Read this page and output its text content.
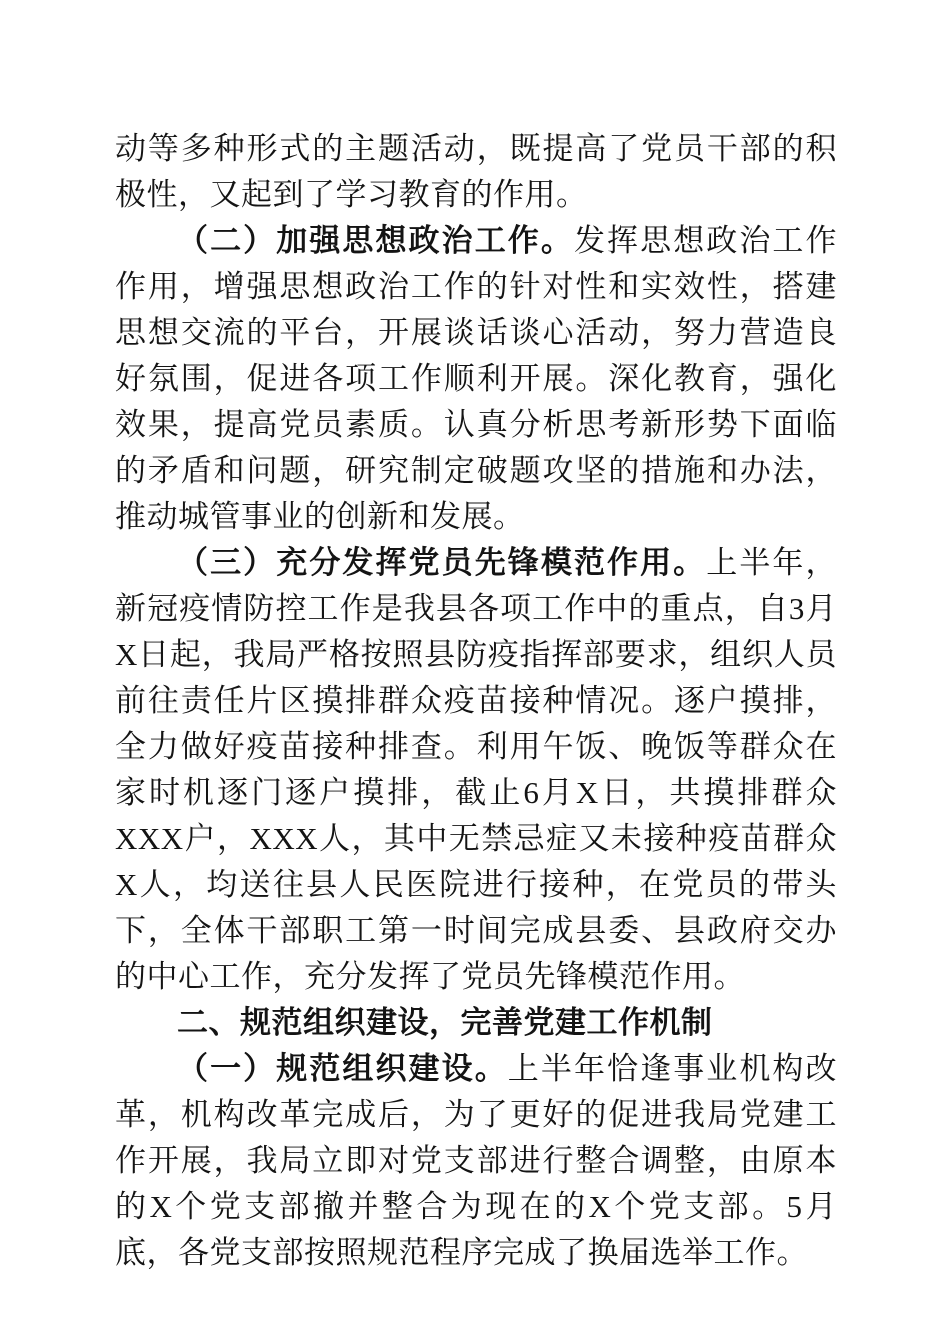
动等多种形式的主题活动，既提高了党员干部的积极性，又起到了学习教育的作用。

（二）加强思想政治工作。发挥思想政治工作作用，增强思想政治工作的针对性和实效性，搭建思想交流的平台，开展谈话谈心活动，努力营造良好氛围，促进各项工作顺利开展。深化教育，强化效果，提高党员素质。认真分析思考新形势下面临的矛盾和问题，研究制定破题攻坚的措施和办法，推动城管事业的创新和发展。

（三）充分发挥党员先锋模范作用。上半年，新冠疫情防控工作是我县各项工作中的重点，自3月X日起，我局严格按照县防疫指挥部要求，组织人员前往责任片区摸排群众疫苗接种情况。逐户摸排，全力做好疫苗接种排查。利用午饭、晚饭等群众在家时机逐门逐户摸排，截止6月X日，共摸排群众XXX户，XXX人，其中无禁忌症又未接种疫苗群众X人，均送往县人民医院进行接种，在党员的带头下，全体干部职工第一时间完成县委、县政府交办的中心工作，充分发挥了党员先锋模范作用。

二、规范组织建设，完善党建工作机制

（一）规范组织建设。上半年恰逢事业机构改革，机构改革完成后，为了更好的促进我局党建工作开展，我局立即对党支部进行整合调整，由原本的X个党支部撤并整合为现在的X个党支部。5月底，各党支部按照规范程序完成了换届选举工作。
